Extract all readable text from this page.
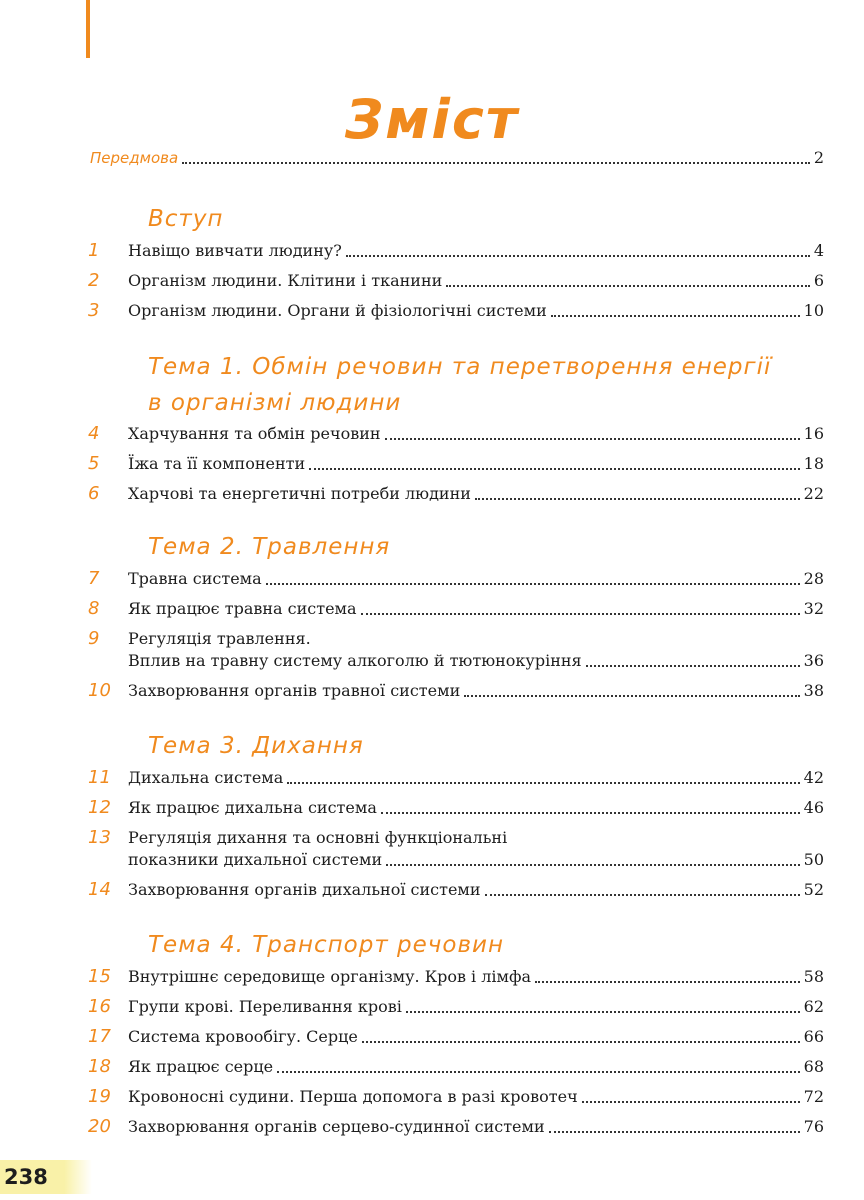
Зміст
Передмова	2
Вступ
1	Навіщо вивчати людину?	4
2	Організм людини. Клітини і тканини	6
3	Організм людини. Органи й фізіологічні системи	10
Тема 1. Обмін речовин та перетворення енергії
в організмі людини
4	Харчування та обмін речовин	16
5	Їжа та її компоненти	18
6	Харчові та енергетичні потреби людини	22
Тема 2. Травлення
7	Травна система	28
8	Як працює травна система	32
9	Регуляція травлення.
Вплив на травну систему алкоголю й тютюнокуріння	36
10	Захворювання органів травної системи	38
Тема 3. Дихання
11	Дихальна система	42
12	Як працює дихальна система	46
13	Регуляція дихання та основні функціональні
показники дихальної системи	50
14	Захворювання органів дихальної системи	52
Тема 4. Транспорт речовин
15	Внутрішнє середовище організму. Кров і лімфа	58
16	Групи крові. Переливання крові	62
17	Система кровообігу. Серце	66
18	Як працює серце	68
19	Кровоносні судини. Перша допомога в разі кровотеч	72
20	Захворювання органів серцево-судинної системи	76
238
